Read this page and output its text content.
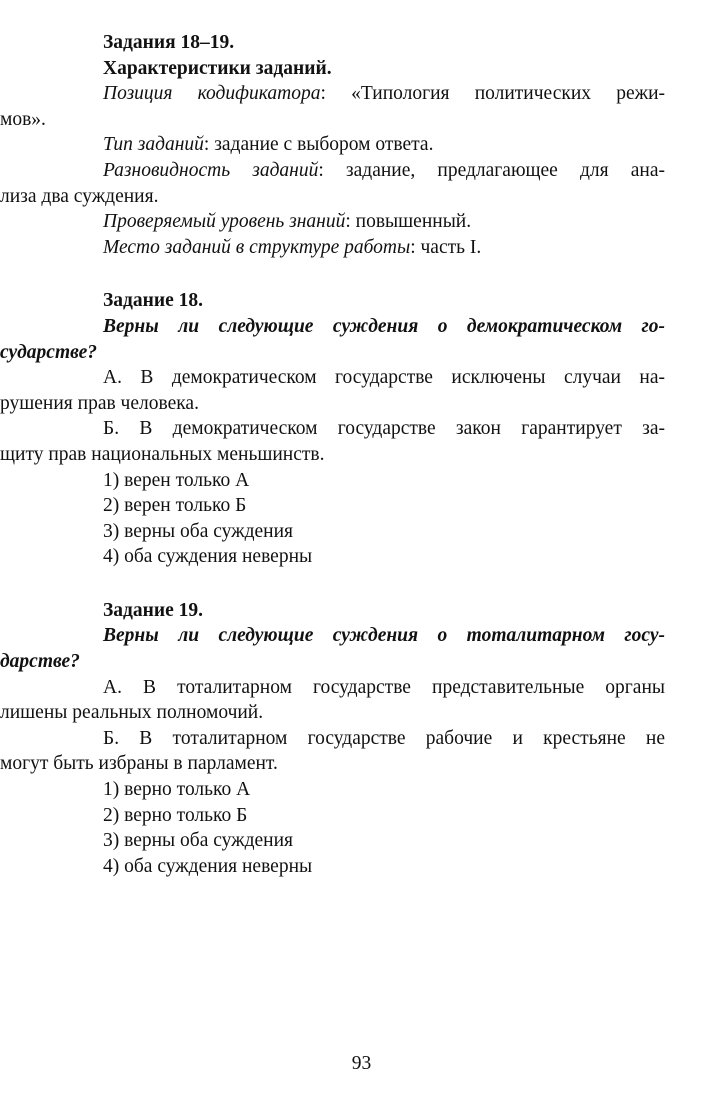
Задания 18–19.
Характеристики заданий.
Позиция кодификатора: «Типология политических режи-
мов».
Тип заданий: задание с выбором ответа.
Разновидность заданий: задание, предлагающее для ана-
лиза два суждения.
Проверяемый уровень знаний: повышенный.
Место заданий в структуре работы: часть I.
Задание 18.
Верны ли следующие суждения о демократическом го-
сударстве?
А. В демократическом государстве исключены случаи на-
рушения прав человека.
Б. В демократическом государстве закон гарантирует за-
щиту прав национальных меньшинств.
1) верен только А
2) верен только Б
3) верны оба суждения
4) оба суждения неверны
Задание 19.
Верны ли следующие суждения о тоталитарном госу-
дарстве?
А. В тоталитарном государстве представительные органы
лишены реальных полномочий.
Б. В тоталитарном государстве рабочие и крестьяне не
могут быть избраны в парламент.
1) верно только А
2) верно только Б
3) верны оба суждения
4) оба суждения неверны
93
